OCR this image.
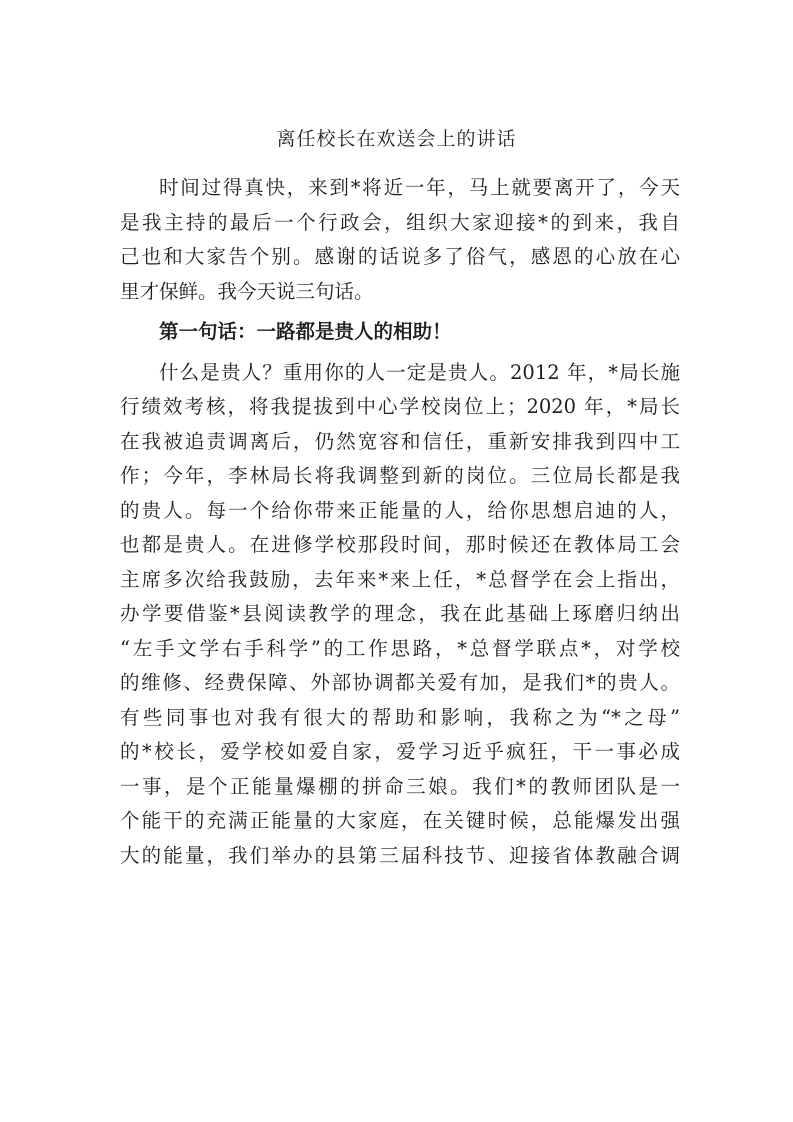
离任校长在欢送会上的讲话
时间过得真快，来到*将近一年，马上就要离开了，今天
是我主持的最后一个行政会，组织大家迎接*的到来，我自
己也和大家告个别。感谢的话说多了俗气，感恩的心放在心
里才保鲜。我今天说三句话。
第一句话：一路都是贵人的相助！
什么是贵人？重用你的人一定是贵人。2012 年，*局长施
行绩效考核，将我提拔到中心学校岗位上；2020 年，*局长
在我被追责调离后，仍然宽容和信任，重新安排我到四中工
作；今年，李林局长将我调整到新的岗位。三位局长都是我
的贵人。每一个给你带来正能量的人，给你思想启迪的人，
也都是贵人。在进修学校那段时间，那时候还在教体局工会
主席多次给我鼓励，去年来*来上任，*总督学在会上指出，
办学要借鉴*县阅读教学的理念，我在此基础上琢磨归纳出
“左手文学右手科学”的工作思路，*总督学联点*，对学校
的维修、经费保障、外部协调都关爱有加，是我们*的贵人。
有些同事也对我有很大的帮助和影响，我称之为“*之母”
的*校长，爱学校如爱自家，爱学习近乎疯狂，干一事必成
一事，是个正能量爆棚的拼命三娘。我们*的教师团队是一
个能干的充满正能量的大家庭，在关键时候，总能爆发出强
大的能量，我们举办的县第三届科技节、迎接省体教融合调
